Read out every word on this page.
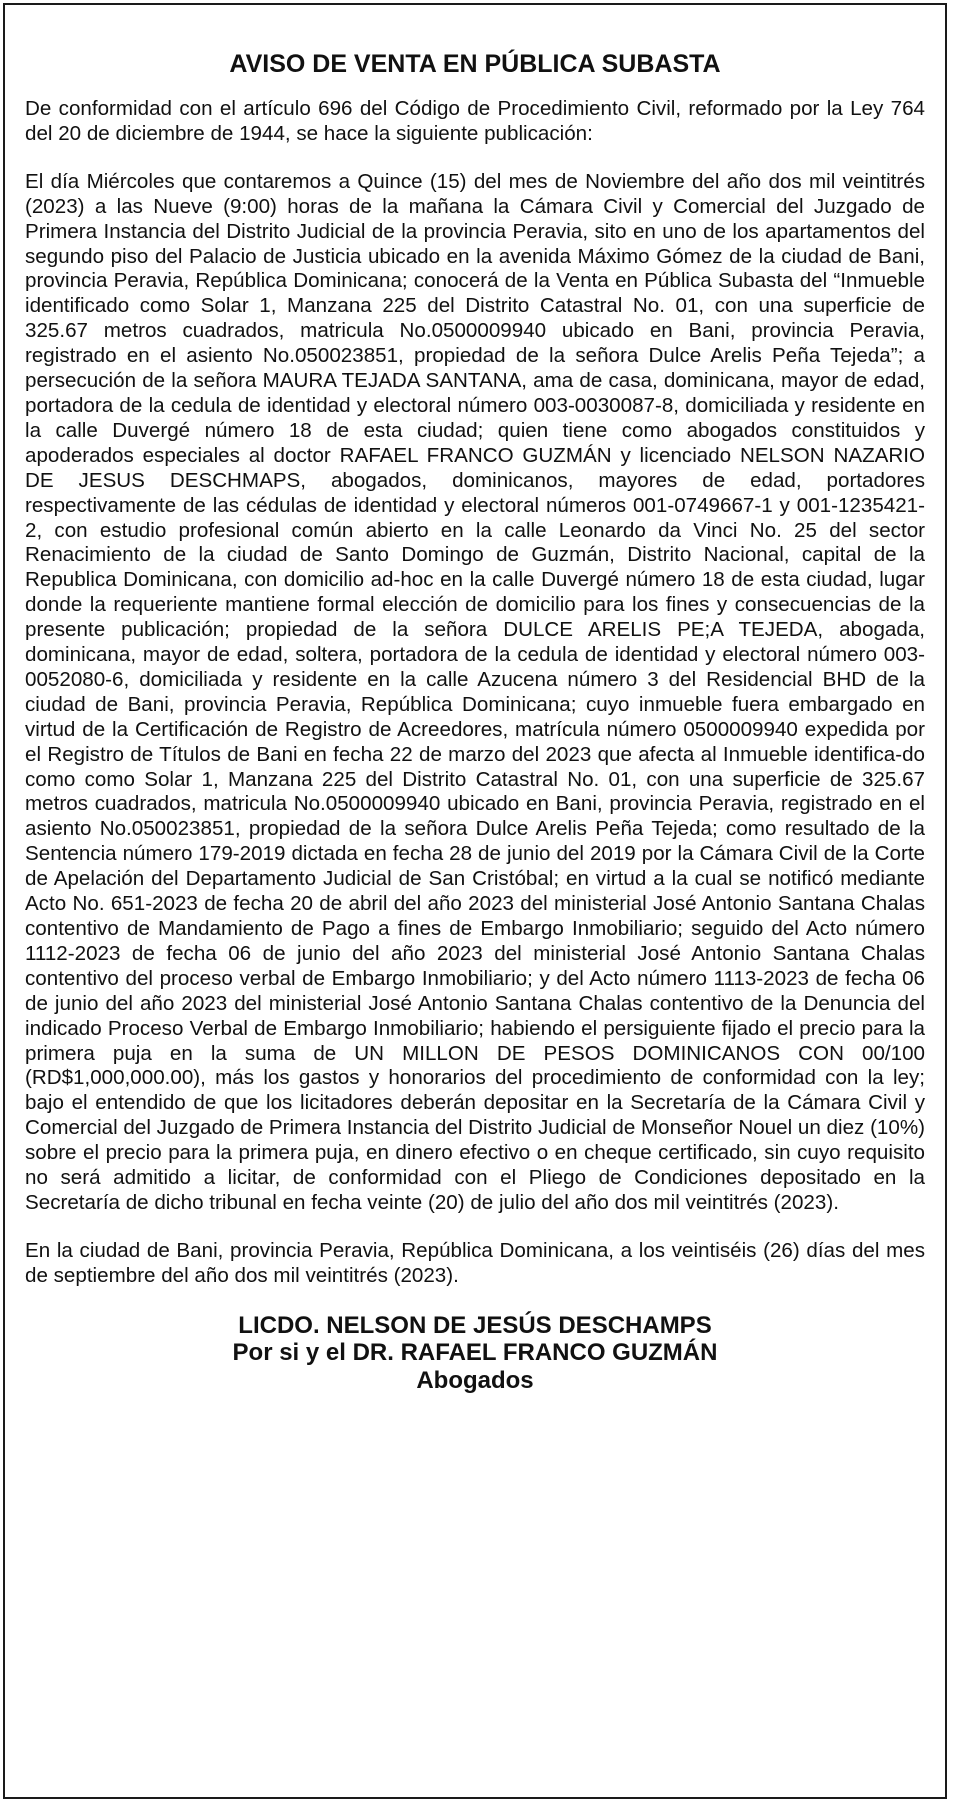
AVISO DE VENTA EN PÚBLICA SUBASTA

De conformidad con el artículo 696 del Código de Procedimiento Civil, reformado por la Ley 764 del 20 de diciembre de 1944, se hace la siguiente publicación:

El día Miércoles que contaremos a Quince (15) del mes de Noviembre del año dos mil veintitrés (2023) a las Nueve (9:00) horas de la mañana la Cámara Civil y Comercial del Juzgado de Primera Instancia del Distrito Judicial de la provincia Peravia, sito en uno de los apartamentos del segundo piso del Palacio de Justicia ubicado en la avenida Máximo Gómez de la ciudad de Bani, provincia Peravia, República Dominicana; conocerá de la Venta en Pública Subasta del “Inmueble identificado como Solar 1, Manzana 225 del Distrito Catastral No. 01, con una superficie de 325.67 metros cuadrados, matricula No.0500009940 ubicado en Bani, provincia Peravia, registrado en el asiento No.050023851, propiedad de la señora Dulce Arelis Peña Tejeda”; a persecución de la señora MAURA TEJADA SANTANA, ama de casa, dominicana, mayor de edad, portadora de la cedula de identidad y electoral número 003-0030087-8, domiciliada y residente en la calle Duvergé número 18 de esta ciudad; quien tiene como abogados constituidos y apoderados especiales al doctor RAFAEL FRANCO GUZMÁN y licenciado NELSON NAZARIO DE JESUS DESCHMAPS, abogados, dominicanos, mayores de edad, portadores respectivamente de las cédulas de identidad y electoral números 001-0749667-1 y 001-1235421-2, con estudio profesional común abierto en la calle Leonardo da Vinci No. 25 del sector Renacimiento de la ciudad de Santo Domingo de Guzmán, Distrito Nacional, capital de la Republica Dominicana, con domicilio ad-hoc en la calle Duvergé número 18 de esta ciudad, lugar donde la requeriente mantiene formal elección de domicilio para los fines y consecuencias de la presente publicación; propiedad de la señora DULCE ARELIS PE;A TEJEDA, abogada, dominicana, mayor de edad, soltera, portadora de la cedula de identidad y electoral número 003-0052080-6, domiciliada y residente en la calle Azucena número 3 del Residencial BHD de la ciudad de Bani, provincia Peravia, República Dominicana; cuyo inmueble fuera embargado en virtud de la Certificación de Registro de Acreedores, matrícula número 0500009940 expedida por el Registro de Títulos de Bani en fecha 22 de marzo del 2023 que afecta al Inmueble identifica-do como como Solar 1, Manzana 225 del Distrito Catastral No. 01, con una superficie de 325.67 metros cuadrados, matricula No.0500009940 ubicado en Bani, provincia Peravia, registrado en el asiento No.050023851, propiedad de la señora Dulce Arelis Peña Tejeda; como resultado de la Sentencia número 179-2019 dictada en fecha 28 de junio del 2019 por la Cámara Civil de la Corte de Apelación del Departamento Judicial de San Cristóbal; en virtud a la cual se notificó mediante Acto No. 651-2023 de fecha 20 de abril del año 2023 del ministerial José Antonio Santana Chalas contentivo de Mandamiento de Pago a fines de Embargo Inmobiliario; seguido del Acto número 1112-2023 de fecha 06 de junio del año 2023 del ministerial José Antonio Santana Chalas contentivo del proceso verbal de Embargo Inmobiliario; y del Acto número 1113-2023 de fecha 06 de junio del año 2023 del ministerial José Antonio Santana Chalas contentivo de la Denuncia del indicado Proceso Verbal de Embargo Inmobiliario; habiendo el persiguiente fijado el precio para la primera puja en la suma de UN MILLON DE PESOS DOMINICANOS CON 00/100 (RD$1,000,000.00), más los gastos y honorarios del procedimiento de conformidad con la ley; bajo el entendido de que los licitadores deberán depositar en la Secretaría de la Cámara Civil y Comercial del Juzgado de Primera Instancia del Distrito Judicial de Monseñor Nouel un diez (10%) sobre el precio para la primera puja, en dinero efectivo o en cheque certificado, sin cuyo requisito no será admitido a licitar, de conformidad con el Pliego de Condiciones depositado en la Secretaría de dicho tribunal en fecha veinte (20) de julio del año dos mil veintitrés (2023).

En la ciudad de Bani, provincia Peravia, República Dominicana, a los veintiséis (26) días del mes de septiembre del año dos mil veintitrés (2023).

LICDO. NELSON DE JESÚS DESCHAMPS
Por si y el DR. RAFAEL FRANCO GUZMÁN
Abogados
